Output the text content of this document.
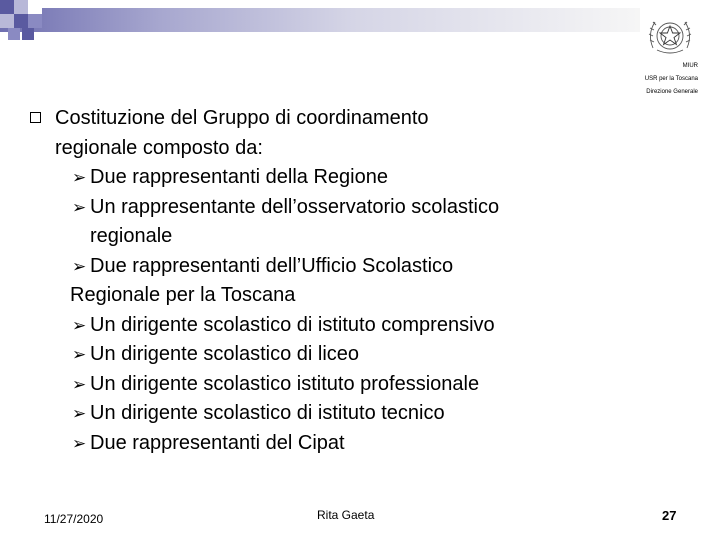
MIUR
USR per la Toscana
Direzione Generale
Costituzione del Gruppo di coordinamento
regionale composto da:
➢ Due rappresentanti della Regione
➢ Un rappresentante dell’osservatorio scolastico
regionale
➢ Due rappresentanti dell’Ufficio Scolastico
Regionale per la Toscana
➢ Un dirigente scolastico di istituto comprensivo
➢ Un dirigente scolastico di liceo
➢ Un dirigente scolastico istituto professionale
➢ Un dirigente scolastico di istituto tecnico
➢ Due rappresentanti del Cipat
11/27/2020	Rita Gaeta	27
